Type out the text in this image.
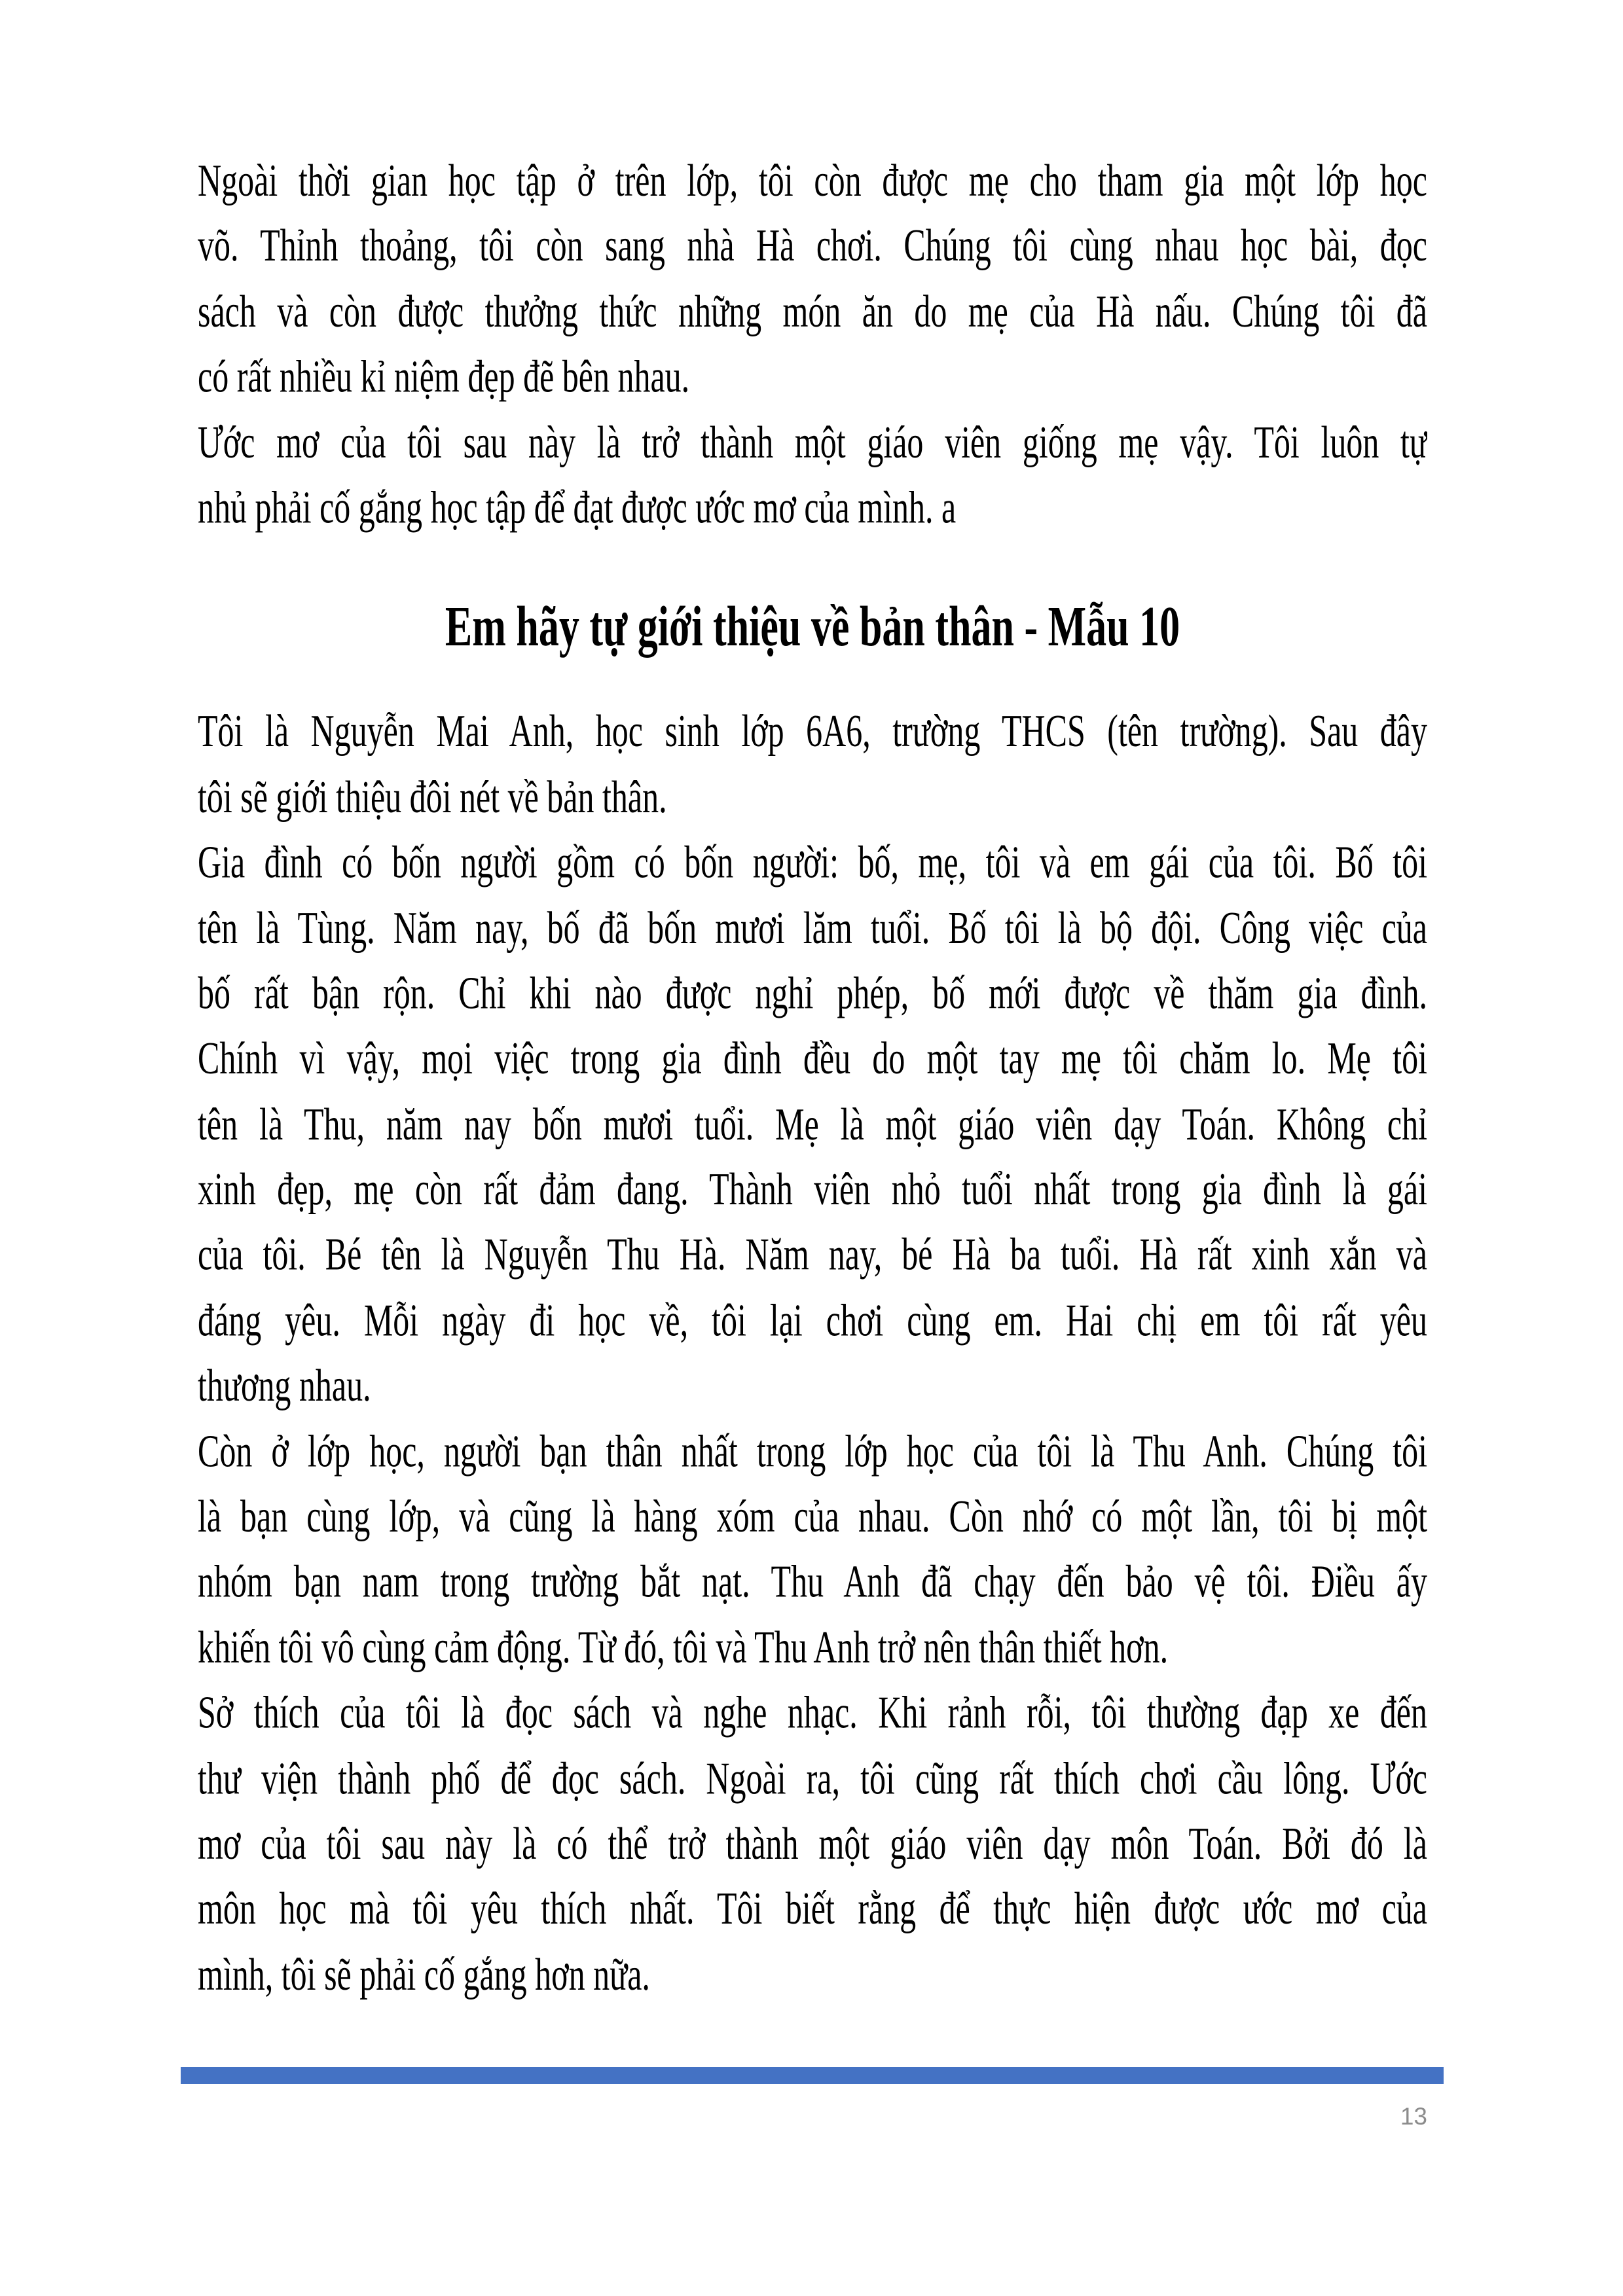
Ngoài thời gian học tập ở trên lớp, tôi còn được mẹ cho tham gia một lớp học
võ. Thỉnh thoảng, tôi còn sang nhà Hà chơi. Chúng tôi cùng nhau học bài, đọc
sách và còn được thưởng thức những món ăn do mẹ của Hà nấu. Chúng tôi đã
có rất nhiều kỉ niệm đẹp đẽ bên nhau.
Ước mơ của tôi sau này là trở thành một giáo viên giống mẹ vậy. Tôi luôn tự
nhủ phải cố gắng học tập để đạt được ước mơ của mình. a
Em hãy tự giới thiệu về bản thân - Mẫu 10
Tôi là Nguyễn Mai Anh, học sinh lớp 6A6, trường THCS (tên trường). Sau đây
tôi sẽ giới thiệu đôi nét về bản thân.
Gia đình có bốn người gồm có bốn người: bố, mẹ, tôi và em gái của tôi. Bố tôi
tên là Tùng. Năm nay, bố đã bốn mươi lăm tuổi. Bố tôi là bộ đội. Công việc của
bố rất bận rộn. Chỉ khi nào được nghỉ phép, bố mới được về thăm gia đình.
Chính vì vậy, mọi việc trong gia đình đều do một tay mẹ tôi chăm lo. Mẹ tôi
tên là Thu, năm nay bốn mươi tuổi. Mẹ là một giáo viên dạy Toán. Không chỉ
xinh đẹp, mẹ còn rất đảm đang. Thành viên nhỏ tuổi nhất trong gia đình là gái
của tôi. Bé tên là Nguyễn Thu Hà. Năm nay, bé Hà ba tuổi. Hà rất xinh xắn và
đáng yêu. Mỗi ngày đi học về, tôi lại chơi cùng em. Hai chị em tôi rất yêu
thương nhau.
Còn ở lớp học, người bạn thân nhất trong lớp học của tôi là Thu Anh. Chúng tôi
là bạn cùng lớp, và cũng là hàng xóm của nhau. Còn nhớ có một lần, tôi bị một
nhóm bạn nam trong trường bắt nạt. Thu Anh đã chạy đến bảo vệ tôi. Điều ấy
khiến tôi vô cùng cảm động. Từ đó, tôi và Thu Anh trở nên thân thiết hơn.
Sở thích của tôi là đọc sách và nghe nhạc. Khi rảnh rỗi, tôi thường đạp xe đến
thư viện thành phố để đọc sách. Ngoài ra, tôi cũng rất thích chơi cầu lông. Ước
mơ của tôi sau này là có thể trở thành một giáo viên dạy môn Toán. Bởi đó là
môn học mà tôi yêu thích nhất. Tôi biết rằng để thực hiện được ước mơ của
mình, tôi sẽ phải cố gắng hơn nữa.
13
